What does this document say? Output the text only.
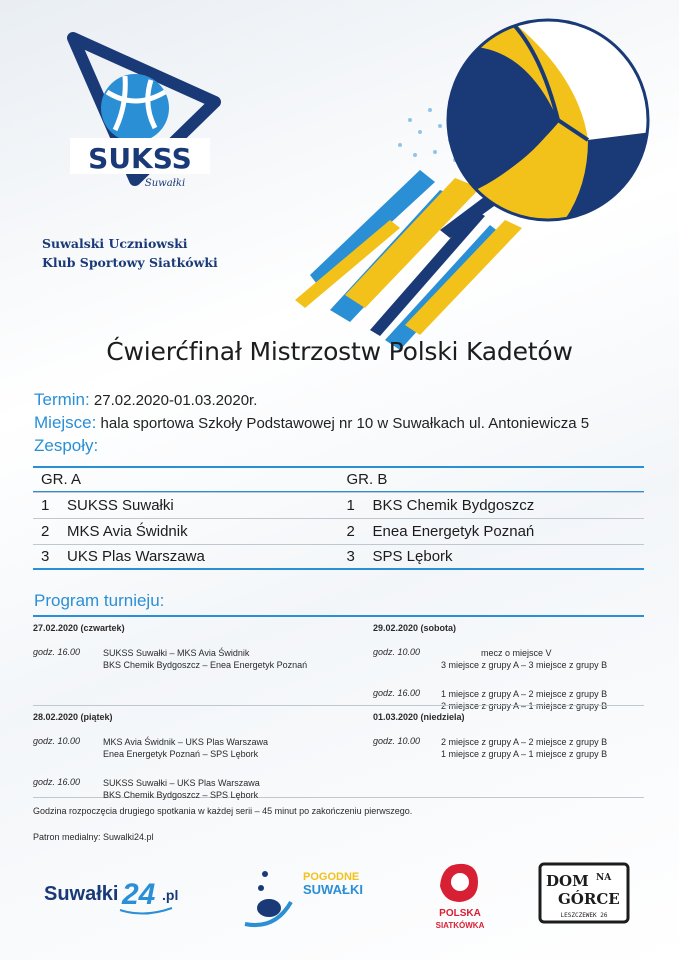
SUKSS
Suwałki
Suwalski Uczniowski
Klub Sportowy Siatkówki
Ćwierćfinał Mistrzostw Polski Kadetów
Termin: 27.02.2020-01.03.2020r.
Miejsce: hala sportowa Szkoły Podstawowej nr 10 w Suwałkach ul. Antoniewicza 5
Zespoły:
GR. A	GR. B
1	SUKSS Suwałki	1	BKS Chemik Bydgoszcz
2	MKS Avia Świdnik	2	Enea Energetyk Poznań
3	UKS Plas Warszawa	3	SPS Lębork
Program turnieju:
27.02.2020 (czwartek)
godz. 16.00	SUKSS Suwałki – MKS Avia Świdnik
BKS Chemik Bydgoszcz – Enea Energetyk Poznań
29.02.2020 (sobota)
godz. 10.00	mecz o miejsce V
3 miejsce z grupy A – 3 miejsce z grupy B
godz. 16.00	1 miejsce z grupy A – 2 miejsce z grupy B
2 miejsce z grupy A – 1 miejsce z grupy B
28.02.2020 (piątek)
godz. 10.00	MKS Avia Świdnik – UKS Plas Warszawa
Enea Energetyk Poznań – SPS Lębork
godz. 16.00	SUKSS Suwałki – UKS Plas Warszawa
BKS Chemik Bydgoszcz – SPS Lębork
01.03.2020 (niedziela)
godz. 10.00	2 miejsce z grupy A – 2 miejsce z grupy B
1 miejsce z grupy A – 1 miejsce z grupy B
Godzina rozpoczęcia drugiego spotkania w każdej serii – 45 minut po zakończeniu pierwszego.
Patron medialny: Suwalki24.pl
Suwałki 24 .pl
POGODNE
SUWAŁKI
POLSKA
SIATKÓWKA
DOM NA
GÓRCE
LESZCZEWEK 26
